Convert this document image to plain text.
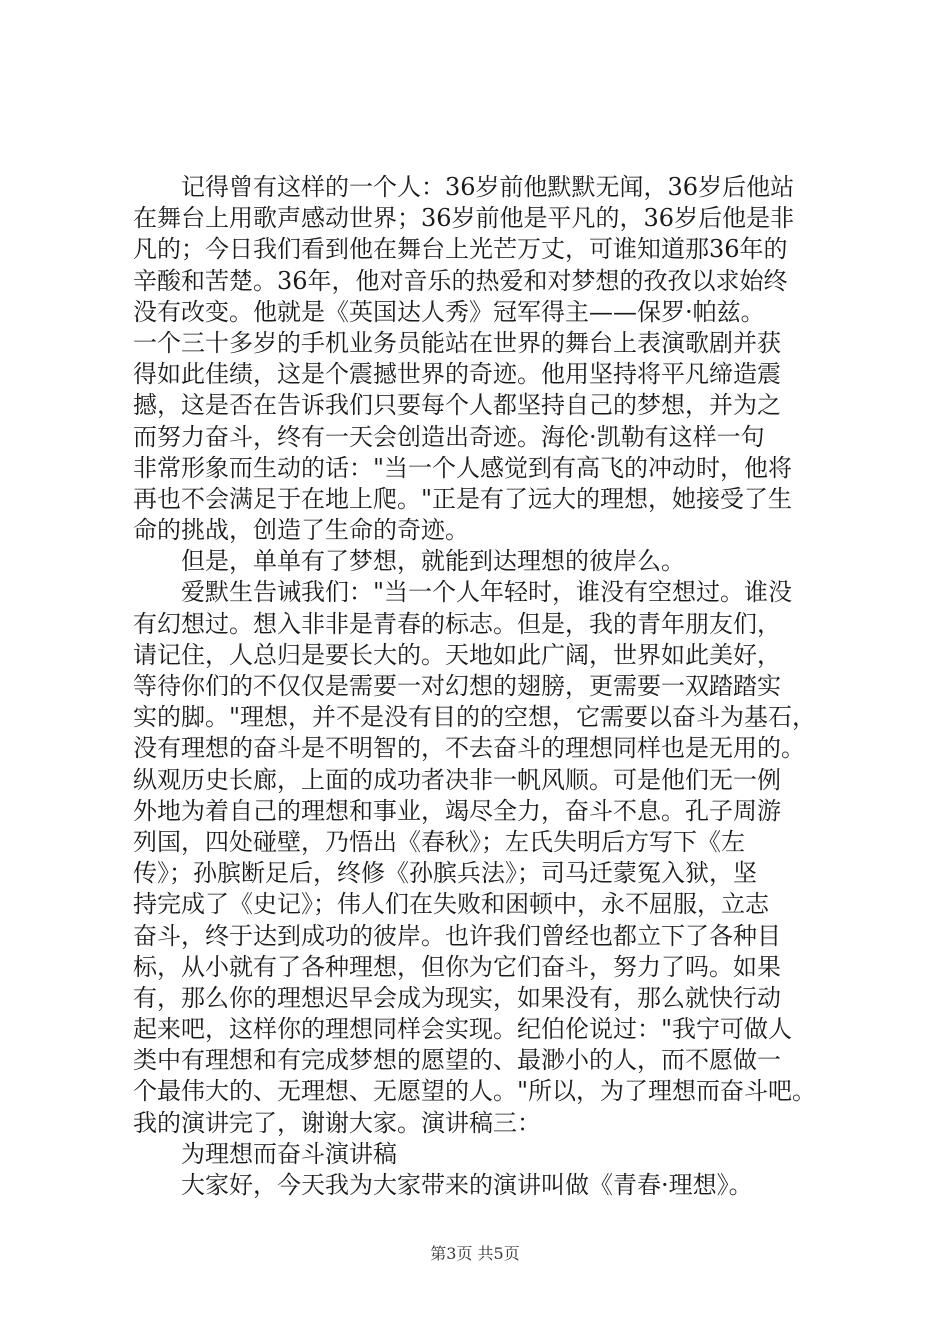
记得曾有这样的一个人：36岁前他默默无闻，36岁后他站
在舞台上用歌声感动世界；36岁前他是平凡的，36岁后他是非
凡的；今日我们看到他在舞台上光芒万丈，可谁知道那36年的
辛酸和苦楚。36年，他对音乐的热爱和对梦想的孜孜以求始终
没有改变。他就是《英国达人秀》冠军得主——保罗·帕兹。
一个三十多岁的手机业务员能站在世界的舞台上表演歌剧并获
得如此佳绩，这是个震撼世界的奇迹。他用坚持将平凡缔造震
撼，这是否在告诉我们只要每个人都坚持自己的梦想，并为之
而努力奋斗，终有一天会创造出奇迹。海伦·凯勒有这样一句
非常形象而生动的话："当一个人感觉到有高飞的冲动时，他将
再也不会满足于在地上爬。"正是有了远大的理想，她接受了生
命的挑战，创造了生命的奇迹。
但是，单单有了梦想，就能到达理想的彼岸么。
爱默生告诫我们："当一个人年轻时，谁没有空想过。谁没
有幻想过。想入非非是青春的标志。但是，我的青年朋友们，
请记住，人总归是要长大的。天地如此广阔，世界如此美好，
等待你们的不仅仅是需要一对幻想的翅膀，更需要一双踏踏实
实的脚。"理想，并不是没有目的的空想，它需要以奋斗为基石，
没有理想的奋斗是不明智的，不去奋斗的理想同样也是无用的。
纵观历史长廊，上面的成功者决非一帆风顺。可是他们无一例
外地为着自己的理想和事业，竭尽全力，奋斗不息。孔子周游
列国，四处碰壁，乃悟出《春秋》；左氏失明后方写下《左
传》；孙膑断足后，终修《孙膑兵法》；司马迁蒙冤入狱，坚
持完成了《史记》；伟人们在失败和困顿中，永不屈服，立志
奋斗，终于达到成功的彼岸。也许我们曾经也都立下了各种目
标，从小就有了各种理想，但你为它们奋斗，努力了吗。如果
有，那么你的理想迟早会成为现实，如果没有，那么就快行动
起来吧，这样你的理想同样会实现。纪伯伦说过："我宁可做人
类中有理想和有完成梦想的愿望的、最渺小的人，而不愿做一
个最伟大的、无理想、无愿望的人。"所以，为了理想而奋斗吧。
我的演讲完了，谢谢大家。演讲稿三：
为理想而奋斗演讲稿
大家好，今天我为大家带来的演讲叫做《青春·理想》。
第3页 共5页
